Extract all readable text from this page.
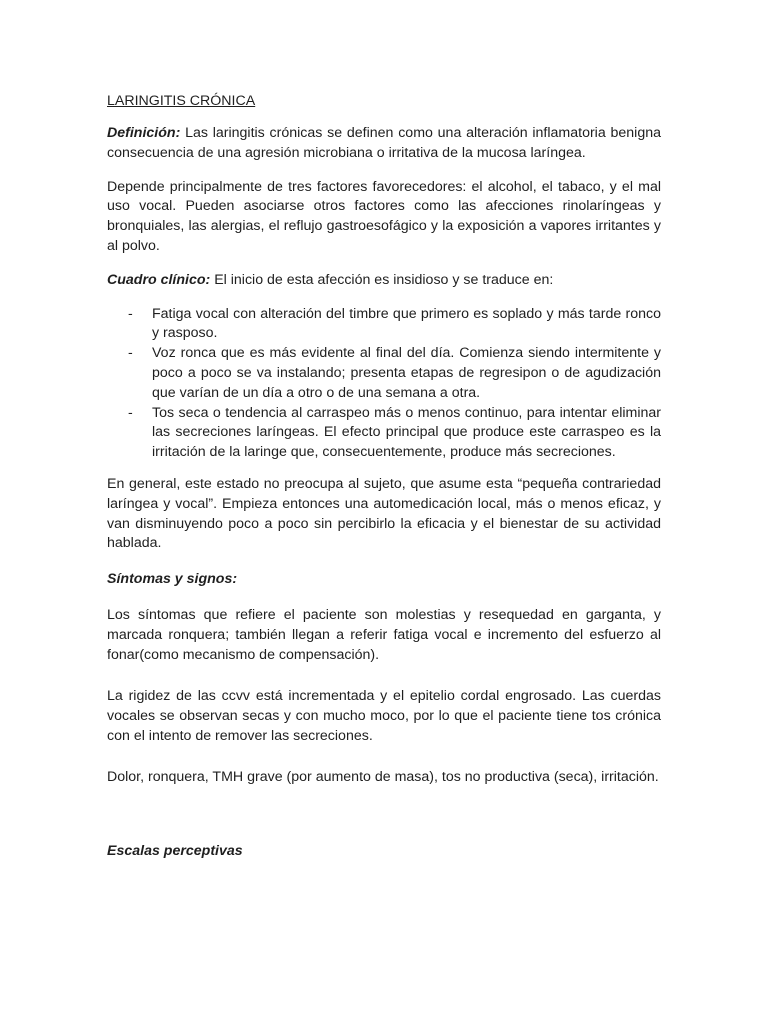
LARINGITIS CRÓNICA

Definición: Las laringitis crónicas se definen como una alteración inflamatoria benigna consecuencia de una agresión microbiana o irritativa de la mucosa laríngea.

Depende principalmente de tres factores favorecedores: el alcohol, el tabaco, y el mal uso vocal. Pueden asociarse otros factores como las afecciones rinolaríngeas y bronquiales, las alergias, el reflujo gastroesofágico y la exposición a vapores irritantes y al polvo.

Cuadro clínico: El inicio de esta afección es insidioso y se traduce en:

- Fatiga vocal con alteración del timbre que primero es soplado y más tarde ronco y rasposo.
- Voz ronca que es más evidente al final del día. Comienza siendo intermitente y poco a poco se va instalando; presenta etapas de regresipon o de agudización que varían de un día a otro o de una semana a otra.
- Tos seca o tendencia al carraspeo más o menos continuo, para intentar eliminar las secreciones laríngeas. El efecto principal que produce este carraspeo es la irritación de la laringe que, consecuentemente, produce más secreciones.

En general, este estado no preocupa al sujeto, que asume esta “pequeña contrariedad laríngea y vocal”. Empieza entonces una automedicación local, más o menos eficaz, y van disminuyendo poco a poco sin percibirlo la eficacia y el bienestar de su actividad hablada.

Síntomas y signos:

Los síntomas que refiere el paciente son molestias y resequedad en garganta, y marcada ronquera; también llegan a referir fatiga vocal e incremento del esfuerzo al fonar(como mecanismo de compensación).

La rigidez de las ccvv está incrementada y el epitelio cordal engrosado. Las cuerdas vocales se observan secas y con mucho moco, por lo que el paciente tiene tos crónica con el intento de remover las secreciones.

Dolor, ronquera, TMH grave (por aumento de masa), tos no productiva (seca), irritación.

Escalas perceptivas
